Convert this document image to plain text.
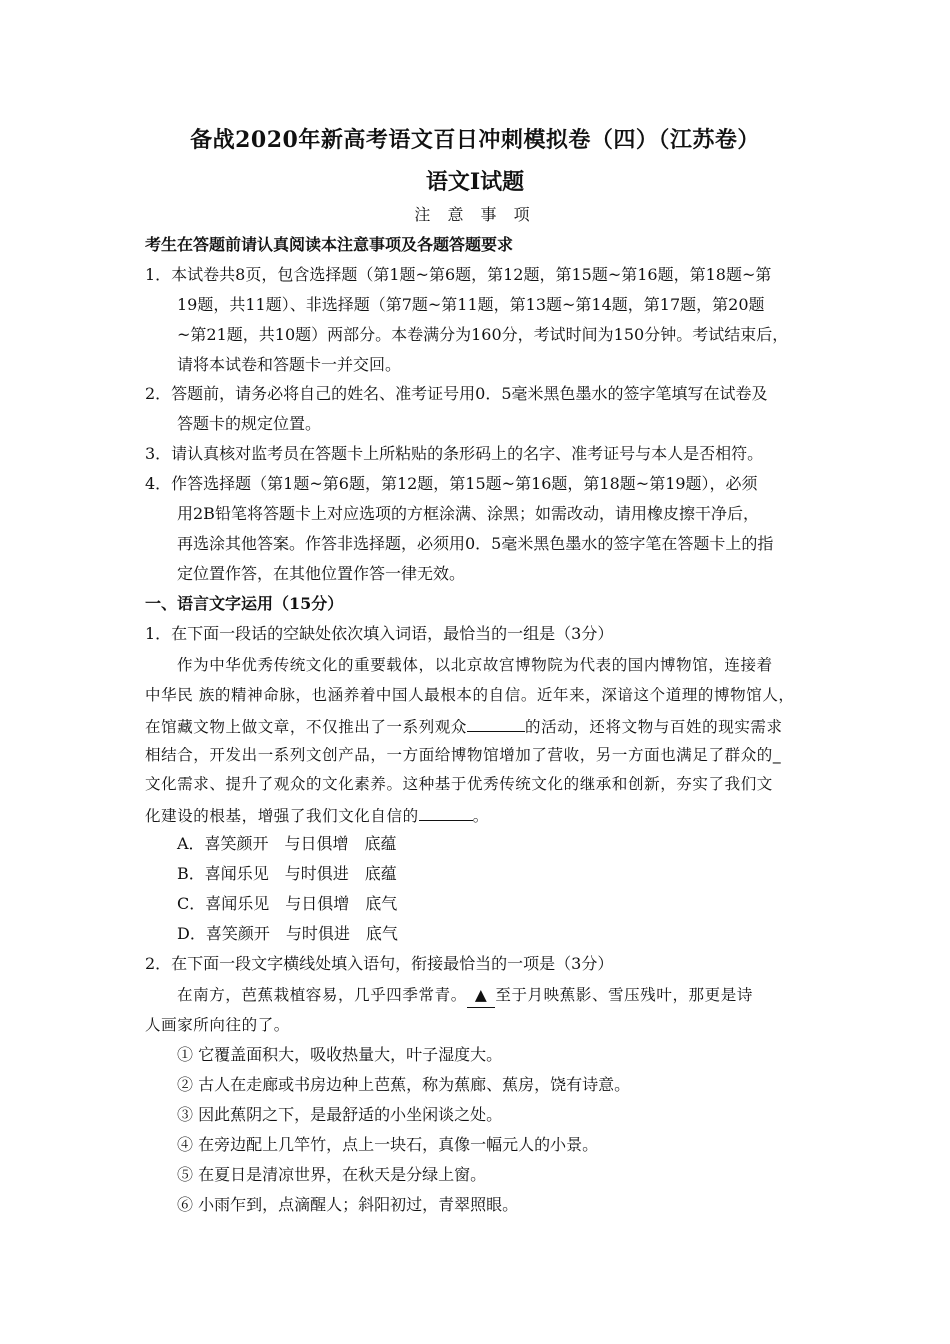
备战2020年新高考语文百日冲刺模拟卷（四）（江苏卷）
语文Ⅰ试题
注 意 事 项
考生在答题前请认真阅读本注意事项及各题答题要求
1．本试卷共8页，包含选择题（第1题~第6题，第12题，第15题~第16题，第18题~第
19题，共11题）、非选择题（第7题~第11题，第13题~第14题，第17题，第20题
~第21题，共10题）两部分。本卷满分为160分，考试时间为150分钟。考试结束后，
请将本试卷和答题卡一并交回。
2．答题前，请务必将自己的姓名、准考证号用0．5毫米黑色墨水的签字笔填写在试卷及
答题卡的规定位置。
3．请认真核对监考员在答题卡上所粘贴的条形码上的名字、准考证号与本人是否相符。
4．作答选择题（第1题~第6题，第12题，第15题~第16题，第18题~第19题），必须
用2B铅笔将答题卡上对应选项的方框涂满、涂黑；如需改动，请用橡皮擦干净后，
再选涂其他答案。作答非选择题，必须用0．5毫米黑色墨水的签字笔在答题卡上的指
定位置作答，在其他位置作答一律无效。
一、语言文字运用（15分）
1．在下面一段话的空缺处依次填入词语，最恰当的一组是（3分）
作为中华优秀传统文化的重要载体，以北京故宫博物院为代表的国内博物馆，连接着
中华民 族的精神命脉，也涵养着中国人最根本的自信。近年来，深谙这个道理的博物馆人，
在馆藏文物上做文章，不仅推出了一系列观众	的活动，还将文物与百姓的现实需求
相结合，开发出一系列文创产品，一方面给博物馆增加了营收，另一方面也满足了群众的_
文化需求、提升了观众的文化素养。这种基于优秀传统文化的继承和创新，夯实了我们文
化建设的根基，增强了我们文化自信的	。
A．喜笑颜开　与日俱增　底蕴
B．喜闻乐见　与时俱进　底蕴
C．喜闻乐见　与日俱增　底气
D．喜笑颜开　与时俱进　底气
2．在下面一段文字横线处填入语句，衔接最恰当的一项是（3分）
在南方，芭蕉栽植容易，几乎四季常青。 ▲ 至于月映蕉影、雪压残叶，那更是诗
人画家所向往的了。
① 它覆盖面积大，吸收热量大，叶子湿度大。
② 古人在走廊或书房边种上芭蕉，称为蕉廊、蕉房，饶有诗意。
③ 因此蕉阴之下，是最舒适的小坐闲谈之处。
④ 在旁边配上几竿竹，点上一块石，真像一幅元人的小景。
⑤ 在夏日是清凉世界，在秋天是分绿上窗。
⑥ 小雨乍到，点滴醒人；斜阳初过，青翠照眼。
